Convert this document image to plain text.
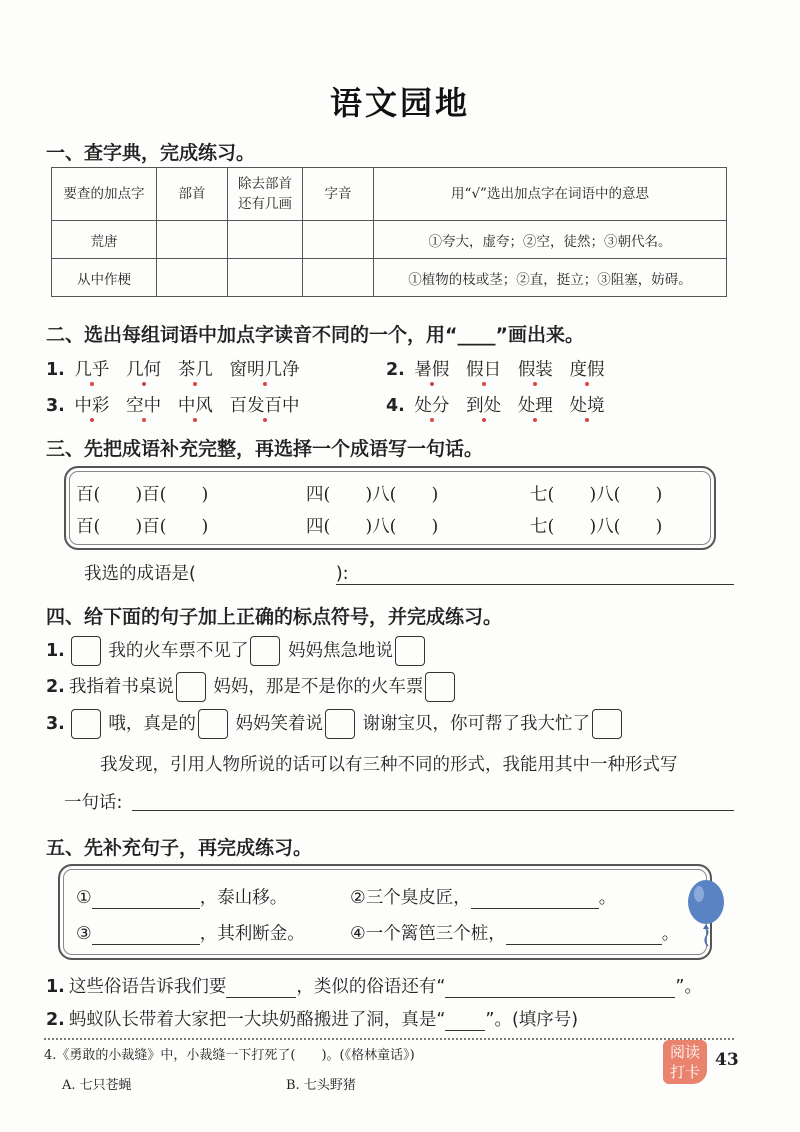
语文园地
一、查字典，完成练习。
要查的加点字	部首	除去部首还有几画	字音	用“√”选出加点字在词语中的意思
荒唐				①夸大，虚夸；②空，徒然；③朝代名。
从中作梗				①植物的枝或茎；②直，挺立；③阻塞，妨碍。
二、选出每组词语中加点字读音不同的一个，用“____”画出来。
1. 几乎 几何 茶几 窗明几净	2. 暑假 假日 假装 度假
3. 中彩 空中 中风 百发百中	4. 处分 到处 处理 处境
三、先把成语补充完整，再选择一个成语写一句话。
百(　　)百(　　)	四(　　)八(　　)	七(　　)八(　　)
百(　　)百(　　)	四(　　)八(　　)	七(　　)八(　　)
我选的成语是(　　　　　　　　):
四、给下面的句子加上正确的标点符号，并完成练习。
1. 我的火车票不见了 妈妈焦急地说
2. 我指着书桌说 妈妈，那是不是你的火车票
3. 哦，真是的 妈妈笑着说 谢谢宝贝，你可帮了我大忙了
我发现，引用人物所说的话可以有三种不同的形式，我能用其中一种形式写
一句话:
五、先补充句子，再完成练习。
①	，泰山移。	②三个臭皮匠，	。
③	，其利断金。	④一个篱笆三个桩，	。
1. 这些俗语告诉我们要	，类似的俗语还有“	”。
2. 蚂蚁队长带着大家把一大块奶酪搬进了洞，真是“ ”。(填序号)
4.《勇敢的小裁缝》中，小裁缝一下打死了(　　)。(《格林童话》)
A. 七只苍蝇	B. 七头野猪
阅读
打卡
43
